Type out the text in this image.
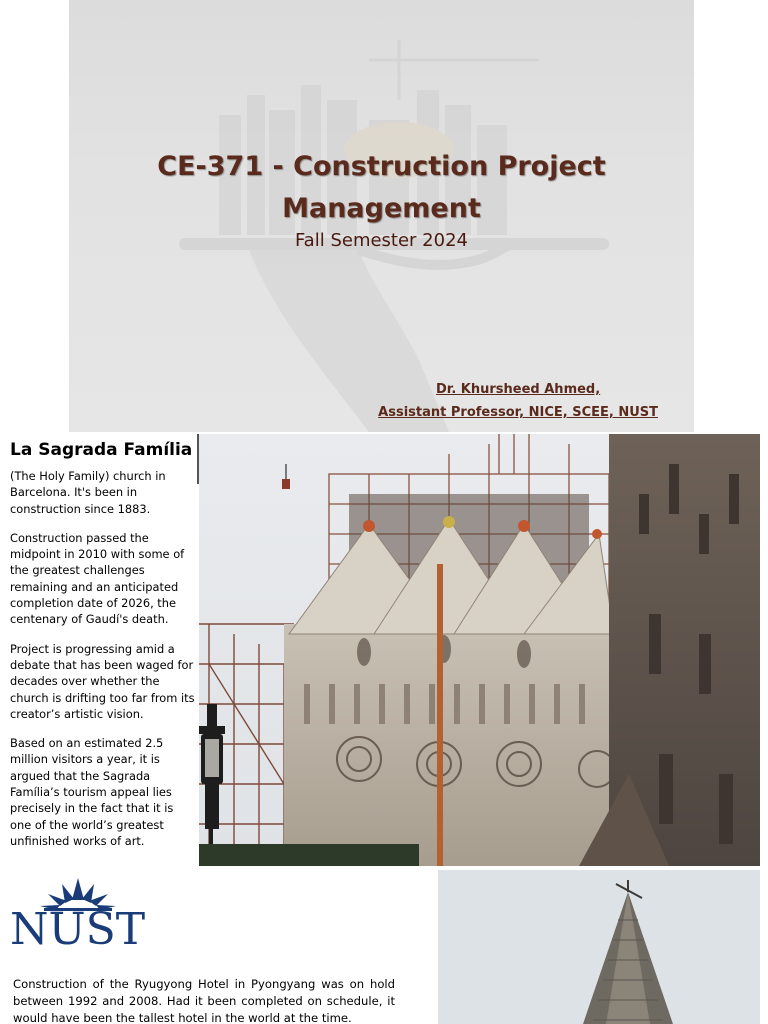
CE-371 - Construction Project Management

Fall Semester 2024

Dr. Khursheed Ahmed,
Assistant Professor, NICE, SCEE, NUST
La Sagrada Família

(The Holy Family) church in Barcelona. It's been in construction since 1883.

Construction passed the midpoint in 2010 with some of the greatest challenges remaining and an anticipated completion date of 2026, the centenary of Gaudí's death.

Project is progressing amid a debate that has been waged for decades over whether the church is drifting too far from its creator’s artistic vision.

Based on an estimated 2.5 million visitors a year, it is argued that the Sagrada Família’s tourism appeal lies precisely in the fact that it is one of the world’s greatest unfinished works of art.

NUST

Construction of the Ryugyong Hotel in Pyongyang was on hold between 1992 and 2008. Had it been completed on schedule, it would have been the tallest hotel in the world at the time.
